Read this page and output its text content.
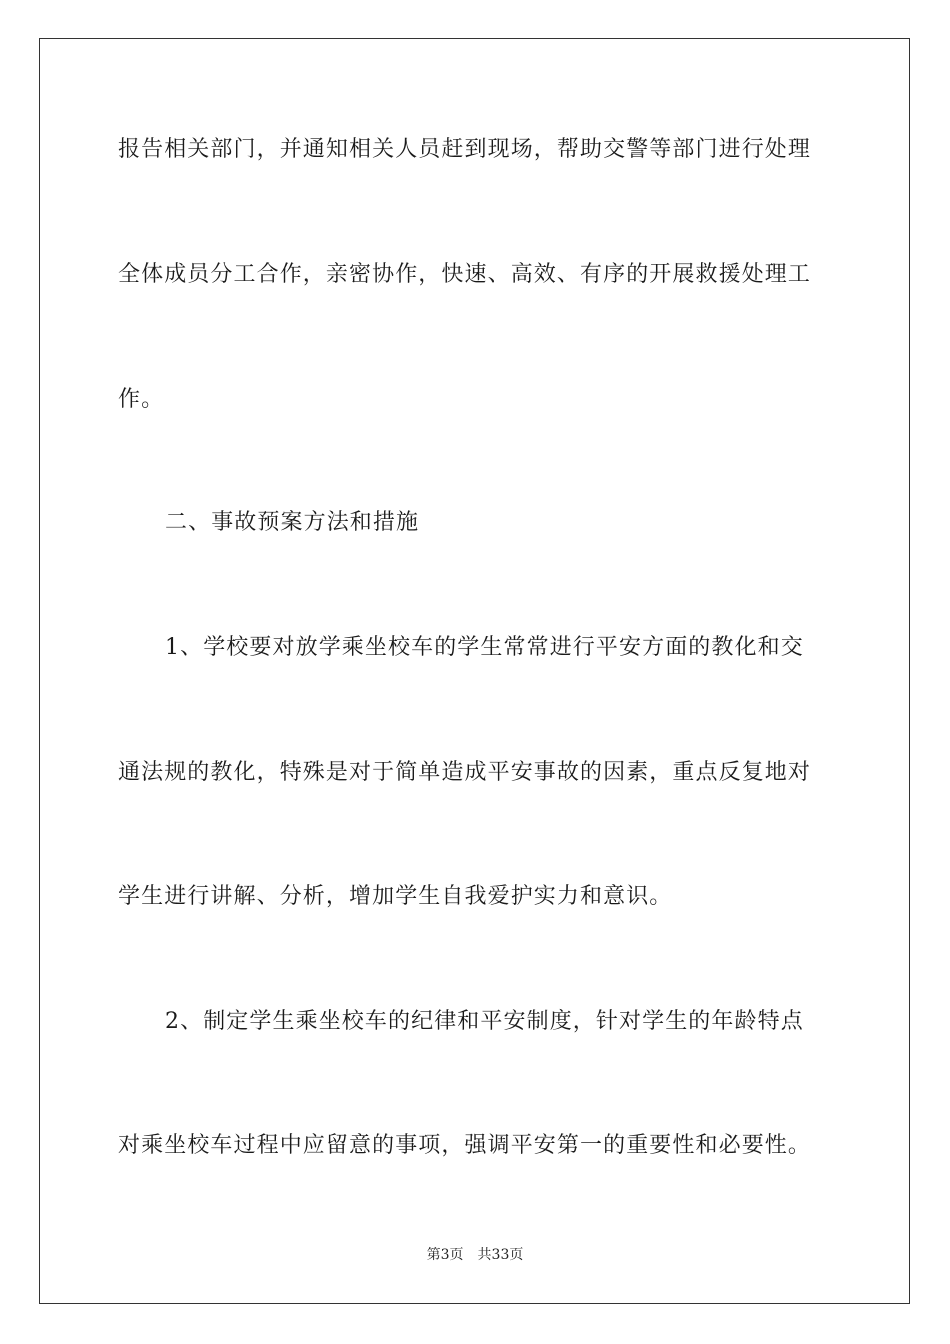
报告相关部门，并通知相关人员赶到现场，帮助交警等部门进行处理
全体成员分工合作，亲密协作，快速、高效、有序的开展救援处理工
作。
二、事故预案方法和措施
1、学校要对放学乘坐校车的学生常常进行平安方面的教化和交
通法规的教化，特殊是对于简单造成平安事故的因素，重点反复地对
学生进行讲解、分析，增加学生自我爱护实力和意识。
2、制定学生乘坐校车的纪律和平安制度，针对学生的年龄特点
对乘坐校车过程中应留意的事项，强调平安第一的重要性和必要性。
第3页 共33页
